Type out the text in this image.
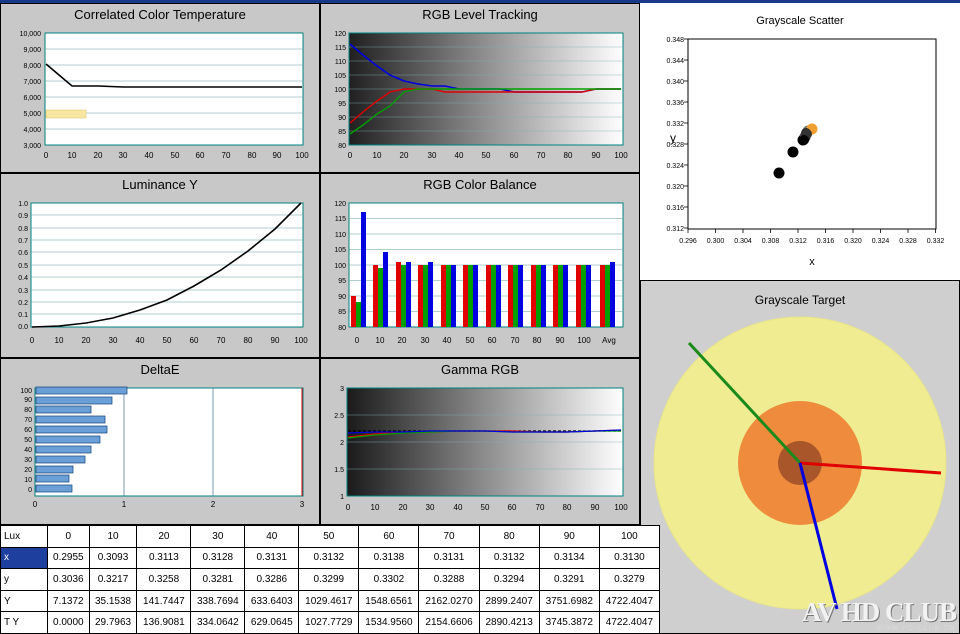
Correlated Color Temperature
10,000
9,000
8,000
7,000
6,000
5,000
4,000
3,000
0 10 20 30 40 50 60 70 80 90 100
RGB Level Tracking
120
115
110
105
100
95
90
85
80
0	10 20 30 40 50 60 70 80 90 100
Luminance Y
1.0
0.9
0.8
0.7
0.6
0.5
0.4
0.3
0.2
0.1
0.0
0	10 20 30 40 50 60 70 80 90 100
RGB Color Balance
120
115
110
105
100
95
90
85
80
0 10 20 30 40 50 60 70 80 90 100 Avg
DeltaE
100
90
80
70
60
50
40
30
20
10
0
0	1	2	3
Gamma RGB
3
2.5
2
1.5
1
0	10 20 30 40 50 60 70 80 90 100
Grayscale Scatter
0.348
0.344
0.340
0.336
0.332
0.328
0.324
0.320
0.316
0.312
0.296 0.300 0.304 0.308 0.312 0.316 0.320 0.324 0.328 0.332
x
y
Grayscale Target
Lux	0	10	20	30	40	50	60	70	80	90	100
x	0.2955	0.3093	0.3113	0.3128	0.3131	0.3132	0.3138	0.3131	0.3132	0.3134	0.3130
y	0.3036	0.3217	0.3258	0.3281	0.3286	0.3299	0.3302	0.3288	0.3294	0.3291	0.3279
Y	7.1372	35.1538	141.7447	338.7694	633.6403	1029.4617	1548.6561	2162.0270	2899.2407	3751.6982	4722.4047
T Y	0.0000	29.7963	136.9081	334.0642	629.0645	1027.7729	1534.9560	2154.6606	2890.4213	3745.3872	4722.4047	AV HD CLUB
WWW.HD-CLUB.TW
